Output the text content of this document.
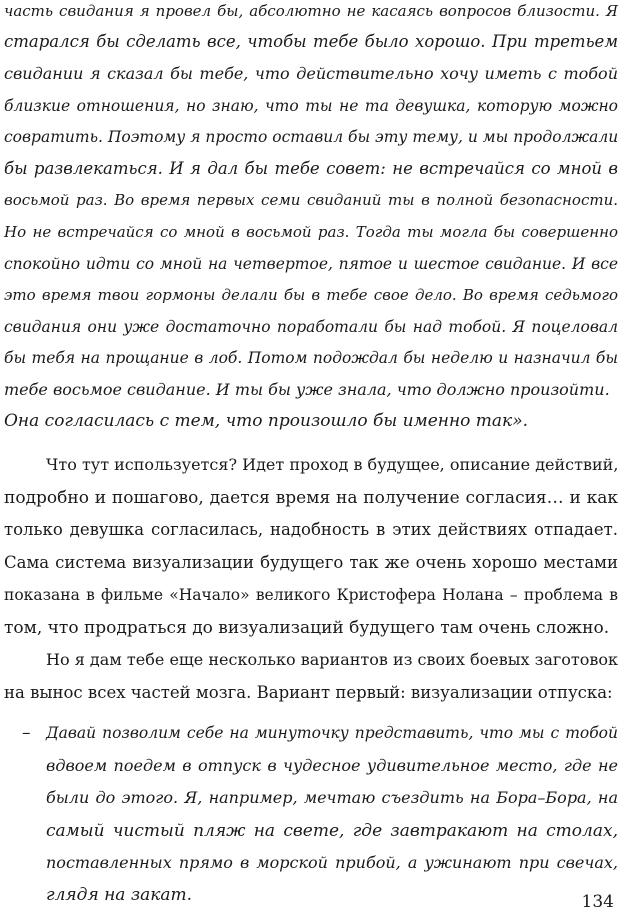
часть свидания я провел бы, абсолютно не касаясь вопросов близости. Я
старался бы сделать все, чтобы тебе было хорошо. При третьем
свидании я сказал бы тебе, что действительно хочу иметь с тобой
близкие отношения, но знаю, что ты не та девушка, которую можно
совратить. Поэтому я просто оставил бы эту тему, и мы продолжали
бы развлекаться. И я дал бы тебе совет: не встречайся со мной в
восьмой раз. Во время первых семи свиданий ты в полной безопасности.
Но не встречайся со мной в восьмой раз. Тогда ты могла бы совершенно
спокойно идти со мной на четвертое, пятое и шестое свидание. И все
это время твои гормоны делали бы в тебе свое дело. Во время седьмого
свидания они уже достаточно поработали бы над тобой. Я поцеловал
бы тебя на прощание в лоб. Потом подождал бы неделю и назначил бы
тебе восьмое свидание. И ты бы уже знала, что должно произойти.
Она согласилась с тем, что произошло бы именно так».
Что тут используется? Идет проход в будущее, описание действий,
подробно и пошагово, дается время на получение согласия… и как
только девушка согласилась, надобность в этих действиях отпадает.
Сама система визуализации будущего так же очень хорошо местами
показана в фильме «Начало» великого Кристофера Нолана – проблема в
том, что продраться до визуализаций будущего там очень сложно.
Но я дам тебе еще несколько вариантов из своих боевых заготовок
на вынос всех частей мозга. Вариант первый: визуализации отпуска:
– Давай позволим себе на минуточку представить, что мы с тобой
вдвоем поедем в отпуск в чудесное удивительное место, где не
были до этого. Я, например, мечтаю съездить на Бора–Бора, на
самый чистый пляж на свете, где завтракают на столах,
поставленных прямо в морской прибой, а ужинают при свечах,
глядя на закат.	134
